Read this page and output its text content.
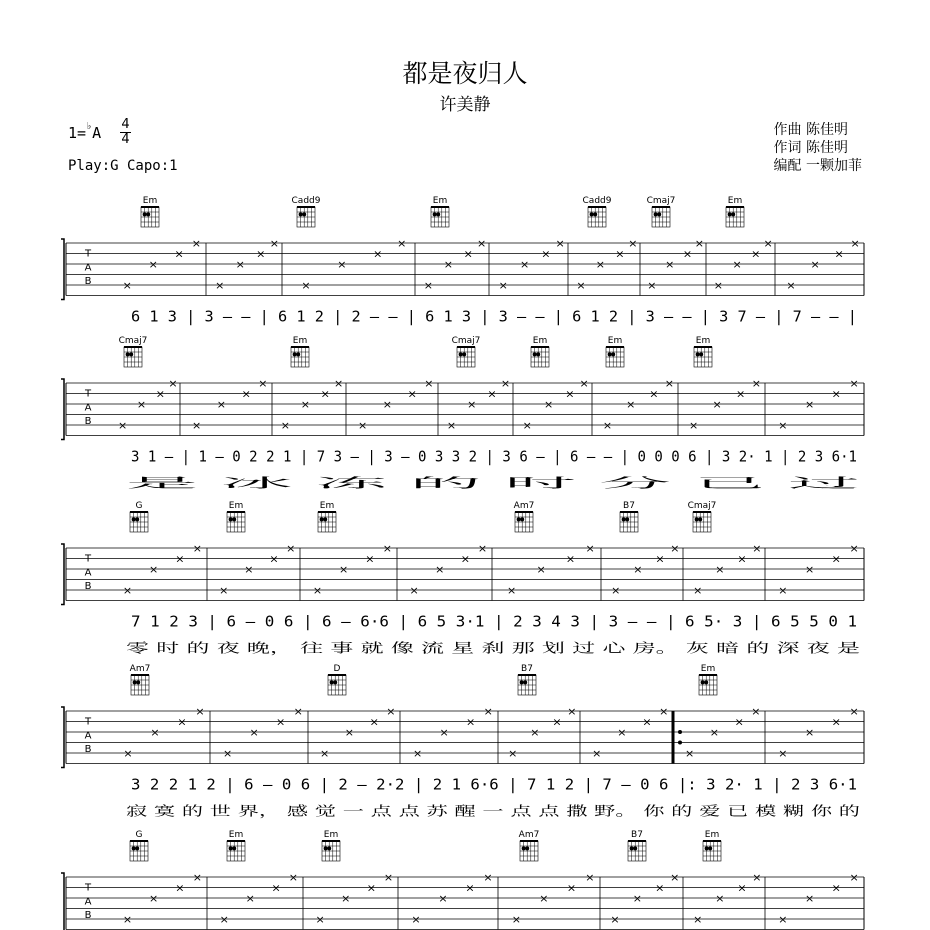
都是夜归人
许美静
1=♭A 4
4
Play:G Capo:1
作曲 陈佳明
作词 陈佳明
编配 一颗加菲
T
A
B	×
×
×
×
×
×
×
×
×
×
×
×
×
×
×
×
×
×
×
×
×
×
×
×
×
×
×
×
×
×
×
×
×
×
×
×
Em	Cadd9	Em	Cadd9	Cmaj7	Em
6 1 3 | 3 — — | 6 1 2 | 2 — — | 6 1 3 | 3 — — | 6 1 2 | 3 — — | 3 7 — | 7 — — |
T
A
B ×
×
×
×
×
×
×
×
×
×
×
×
×
×
×
×
×
×
×
×
×
×
×
×
×
×
×
×
×
×
×
×
×
×
×
×
Cmaj7	Em	Cmaj7	Em	Em	Em
3 1 — | 1 — 0 2 2 1 | 7 3 — | 3 — 0 3 3 2 | 3 6 — | 6 — — | 0 0 0 6 | 3 2· 1 | 2 3 6·1
是 冰 冻 的 时 分 已 过
T
A
B	×
×
×
×
×
×
×
×
×
×
×
×
×
×
×
×
×
×
×
×
×
×
×
×
×
×
×
×
×
×
×
×
G	Em	Em	Am7	B7	Cmaj7
7 1 2 3 | 6 — 0 6 | 6 — 6·6 | 6 5 3·1 | 2 3 4 3 | 3 — — | 6 5· 3 | 6 5 5 0 1
零 时 的 夜 晚， 往 事 就 像 流 星 刹 那 划 过 心 房。 灰 暗 的 深 夜 是
T
A
B	×
×
×
×
×
×
×
×
×
×
×
×
×
×
×
×
×
×
×
×
×
×
×
×
×
×
×
×
×
×
×
×
Am7	D	B7	Em
3 2 2 1 2 | 6 — 0 6 | 2 — 2·2 | 2 1 6·6 | 7 1 2 | 7 — 0 6 |: 3 2· 1 | 2 3 6·1
寂 寞 的 世 界， 感 觉 一 点 点 苏 醒 一 点 点 撒 野。 你 的 爱 已 模 糊 你 的
T
A
B	×
×
×
×
×
×
×
×
×
×
×
×
×
×
×
×
×
×
×
×
×
×
×
×
×
×
×
×
×
×
×
×
G	Em	Em	Am7	B7	Em
